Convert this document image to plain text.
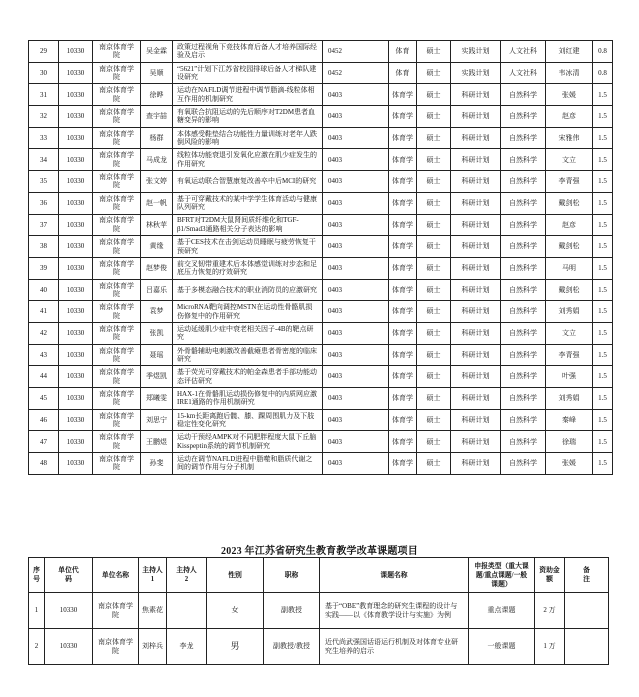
29	10330	南京体育学院	吴金霖	政策过程视角下竞技体育后备人才培养国际经验及启示	0452	体育	硕士	实践计划	人文社科	刘红建	0.8
30	10330	南京体育学院	吴顺	“5621”计划下江苏省校园排球后备人才梯队建设研究	0452	体育	硕士	实践计划	人文社科	韦冰清	0.8
31	10330	南京体育学院	徐晔	运动在NAFLD调节进程中调节脂滴-线粒体相互作用的机制研究	0403	体育学	硕士	科研计划	自然科学	张媛	1.5
32	10330	南京体育学院	查宇喆	有氧联合抗阻运动的先后顺序对T2DM患者血糖变异的影响	0403	体育学	硕士	科研计划	自然科学	赵彦	1.5
33	10330	南京体育学院	杨群	本体感受鞋垫结合功能性力量训练对老年人跌倒风险的影响	0403	体育学	硕士	科研计划	自然科学	宋雅伟	1.5
34	10330	南京体育学院	马成龙	线粒体功能衰退引发氧化应激在肌少症发生的作用研究	0403	体育学	硕士	科研计划	自然科学	文立	1.5
35	10330	南京体育学院	张文婷	有氧运动联合智慧康复改善卒中后MCI的研究	0403	体育学	硕士	科研计划	自然科学	李青强	1.5
36	10330	南京体育学院	赵一帆	基于可穿戴技术的某中学学生体育活动与健康队列研究	0403	体育学	硕士	科研计划	自然科学	戴剑松	1.5
37	10330	南京体育学院	林秋苹	BFRT对T2DM大鼠肾间质纤维化和TGF-β1/Smad3通路相关分子表达的影响	0403	体育学	硕士	科研计划	自然科学	赵彦	1.5
38	10330	南京体育学院	黄缘	基于CES技术在击剑运动员睡眠与疲劳恢复干预研究	0403	体育学	硕士	科研计划	自然科学	戴剑松	1.5
39	10330	南京体育学院	赵梦俊	前交叉韧带重建术后本体感觉训练对步态和足底压力恢复的疗效研究	0403	体育学	硕士	科研计划	自然科学	马明	1.5
40	10330	南京体育学院	吕嘉乐	基于多模态融合技术的职业消防员的应激研究	0403	体育学	硕士	科研计划	自然科学	戴剑松	1.5
41	10330	南京体育学院	袁梦	MicroRNA靶向调控MSTN在运动性骨骼肌损伤修复中的作用研究	0403	体育学	硕士	科研计划	自然科学	刘秀娟	1.5
42	10330	南京体育学院	张凯	运动延缓肌少症中衰老相关因子-4B的靶点研究	0403	体育学	硕士	科研计划	自然科学	文立	1.5
43	10330	南京体育学院	聂瑶	外骨骼辅助电刺激改善截瘫患者骨密度的临床研究	0403	体育学	硕士	科研计划	自然科学	李青强	1.5
44	10330	南京体育学院	季煜凯	基于荧光可穿戴技术的帕金森患者手部功能动态评估研究	0403	体育学	硕士	科研计划	自然科学	叶强	1.5
45	10330	南京体育学院	郑曦雯	HAX-1在骨骼肌运动损伤修复中的内质网应激IRE1通路的作用机制研究	0403	体育学	硕士	科研计划	自然科学	刘秀娟	1.5
46	10330	南京体育学院	刘思宁	15-km长距离跑后髋、膝、踝周围肌力及下肢稳定性变化研究	0403	体育学	硕士	科研计划	自然科学	秦峰	1.5
47	10330	南京体育学院	王鹏煜	运动干预经AMPK对不同肥胖程度大鼠下丘脑Kisspeptin系统的调节机制研究	0403	体育学	硕士	科研计划	自然科学	徐瑞	1.5
48	10330	南京体育学院	孙斐	运动在调节NAFLD进程中脂噬和脂质代谢之间的调节作用与分子机制	0403	体育学	硕士	科研计划	自然科学	张媛	1.5
2023 年江苏省研究生教育教学改革课题项目
序号	单位代码	单位名称	主持人1	主持人2	性别	职称	课题名称	申报类型（重大课题/重点课题/一般课题）	资助金额	备注
1	10330	南京体育学院	焦素花		女	副教授	基于“OBE”教育理念的研究生课程的设计与实践——以《体育教学设计与实施》为例	重点课题	2 万	
2	10330	南京体育学院	刘梓兵	李龙	男	副教授/教授	近代尚武强国话语运行机制及对体育专业研究生培养的启示	一般课题	1 万	
